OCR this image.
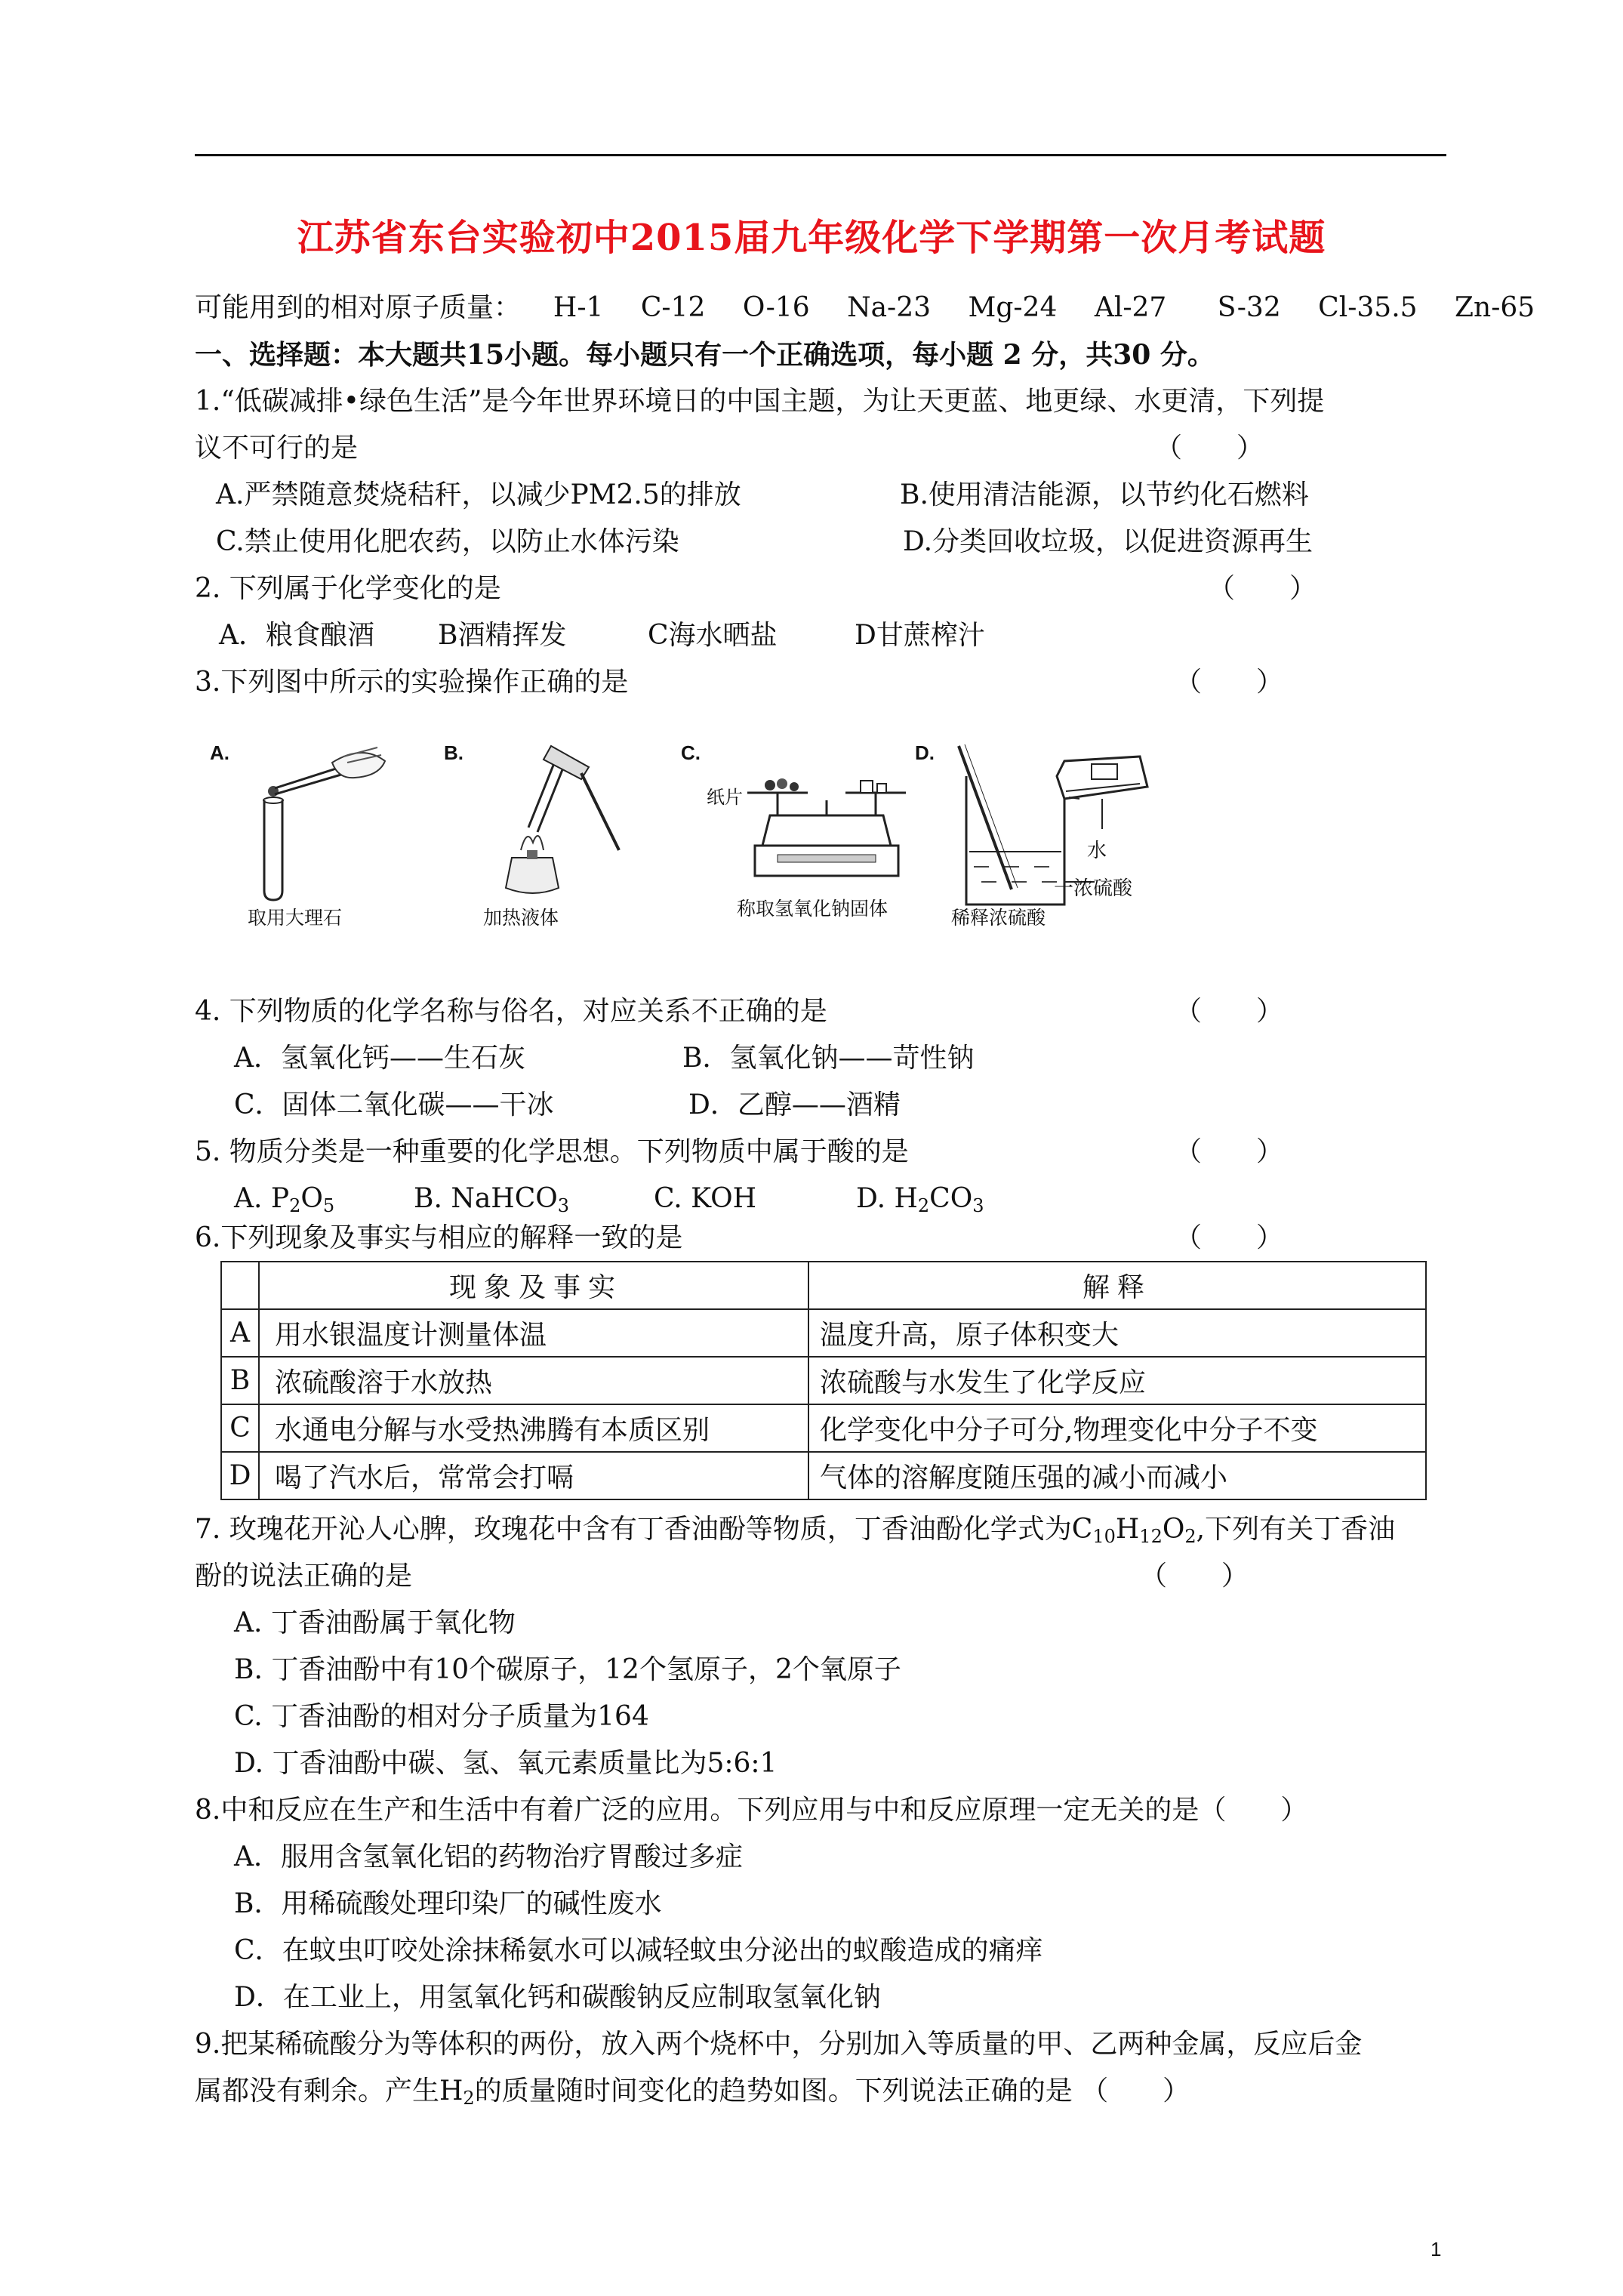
江苏省东台实验初中2015届九年级化学下学期第一次月考试题
可能用到的相对原子质量： H-1 C-12 O-16 Na-23 Mg-24 Al-27 S-32 Cl-35.5 Zn-65
一、选择题：本大题共15小题。每小题只有一个正确选项，每小题 2 分，共30 分。
1.“低碳减排•绿色生活”是今年世界环境日的中国主题，为让天更蓝、地更绿、水更清，下列提
议不可行的是	（　　）
A.严禁随意焚烧秸秆，以减少PM2.5的排放	B.使用清洁能源，以节约化石燃料
C.禁止使用化肥农药，以防止水体污染	D.分类回收垃圾，以促进资源再生
2. 下列属于化学变化的是	（　　）
A．粮食酿酒 B酒精挥发	C海水晒盐	D甘蔗榨汁
3.下列图中所示的实验操作正确的是	（　　）
A.
取用大理石
B.
加热液体
C.
纸片
称取氢氧化钠固体
D.
水
一浓硫酸
稀释浓硫酸
4. 下列物质的化学名称与俗名，对应关系不正确的是	（　　）
A．氢氧化钙——生石灰	B．氢氧化钠——苛性钠
C．固体二氧化碳——干冰	D．乙醇——酒精
5. 物质分类是一种重要的化学思想。下列物质中属于酸的是	（　　）
A. $P_2O_5$	B. NaHCO$_3$	C. KOH	D. $H_2CO_3$
6.下列现象及事实与相应的解释一致的是	（　　）
	现象及事实	解释
A	用水银温度计测量体温	温度升高，原子体积变大
B	浓硫酸溶于水放热	浓硫酸与水发生了化学反应
C	水通电分解与水受热沸腾有本质区别	化学变化中分子可分,物理变化中分子不变
D	喝了汽水后，常常会打嗝	气体的溶解度随压强的减小而减小
7. 玫瑰花开沁人心脾，玫瑰花中含有丁香油酚等物质，丁香油酚化学式为$C_{10}H_{12}O_2$,下列有关丁香油
酚的说法正确的是	（　　）
A. 丁香油酚属于氧化物
B. 丁香油酚中有10个碳原子，12个氢原子，2个氧原子
C. 丁香油酚的相对分子质量为164
D. 丁香油酚中碳、氢、氧元素质量比为5:6:1
8.中和反应在生产和生活中有着广泛的应用。下列应用与中和反应原理一定无关的是（　　）
A．服用含氢氧化铝的药物治疗胃酸过多症
B．用稀硫酸处理印染厂的碱性废水
C．在蚊虫叮咬处涂抹稀氨水可以减轻蚊虫分泌出的蚁酸造成的痛痒
D．在工业上，用氢氧化钙和碳酸钠反应制取氢氧化钠
9.把某稀硫酸分为等体积的两份，放入两个烧杯中，分别加入等质量的甲、乙两种金属，反应后金
属都没有剩余。产生$H_2$的质量随时间变化的趋势如图。下列说法正确的是 （　　）
1
